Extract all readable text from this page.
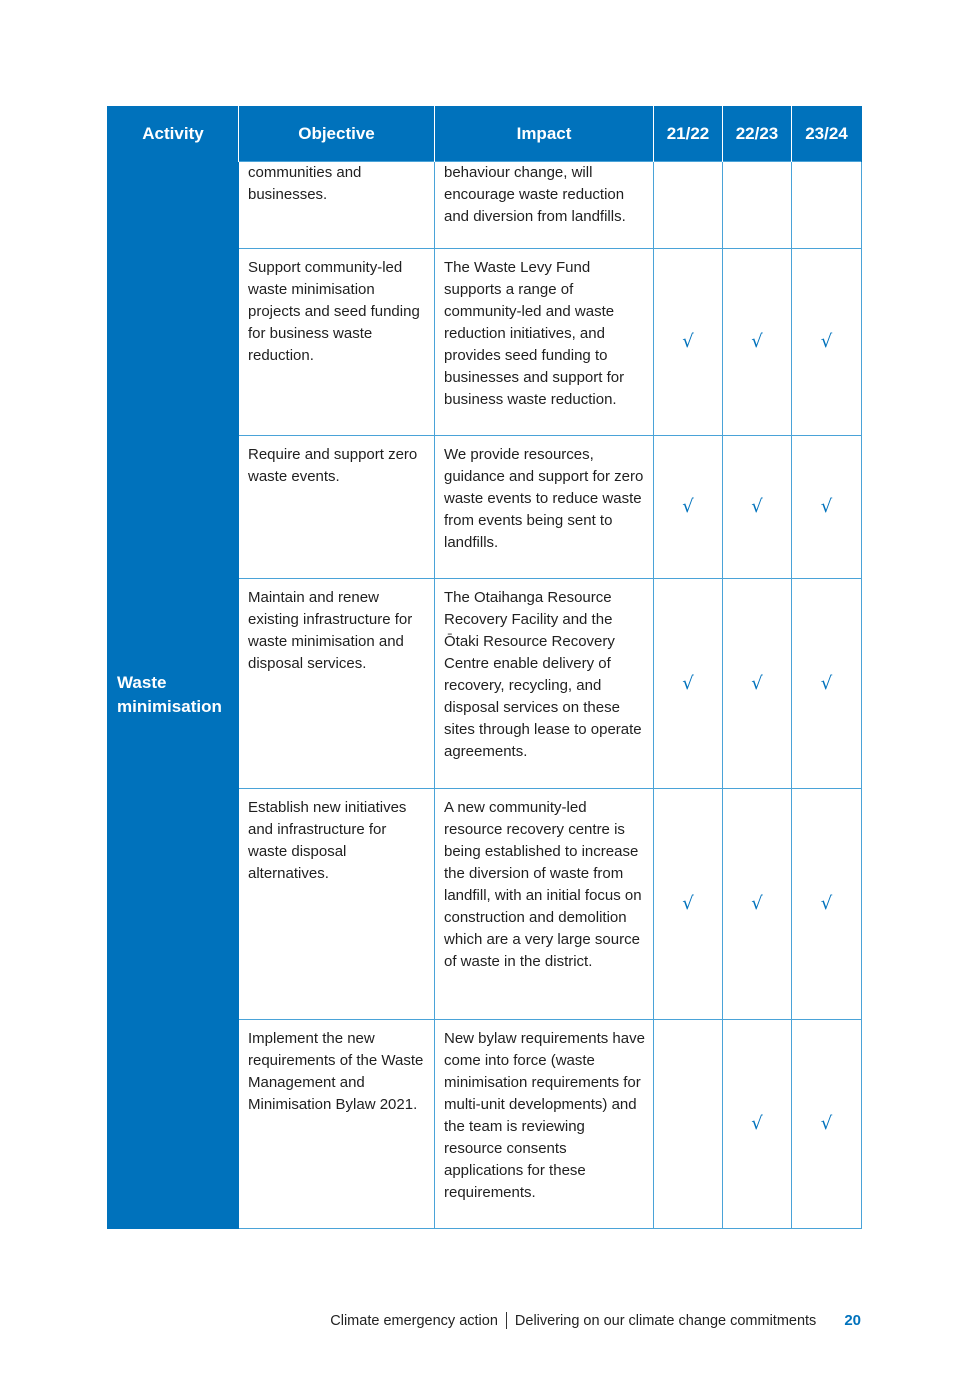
Activity	Objective	Impact	21/22	22/23	23/24
Waste minimisation	communities and businesses.	behaviour change, will encourage waste reduction and diversion from landfills.			
	Support community-led waste minimisation projects and seed funding for business waste reduction.	The Waste Levy Fund supports a range of community-led and waste reduction initiatives, and provides seed funding to businesses and support for business waste reduction.	√	√	√
	Require and support zero waste events.	We provide resources, guidance and support for zero waste events to reduce waste from events being sent to landfills.	√	√	√
	Maintain and renew existing infrastructure for waste minimisation and disposal services.	The Otaihanga Resource Recovery Facility and the Ōtaki Resource Recovery Centre enable delivery of recovery, recycling, and disposal services on these sites through lease to operate agreements.	√	√	√
	Establish new initiatives and infrastructure for waste disposal alternatives.	A new community-led resource recovery centre is being established to increase the diversion of waste from landfill, with an initial focus on construction and demolition which are a very large source of waste in the district.	√	√	√
	Implement the new requirements of the Waste Management and Minimisation Bylaw 2021.	New bylaw requirements have come into force (waste minimisation requirements for multi-unit developments) and the team is reviewing resource consents applications for these requirements.		√	√
Climate emergency action Delivering on our climate change commitments 20
